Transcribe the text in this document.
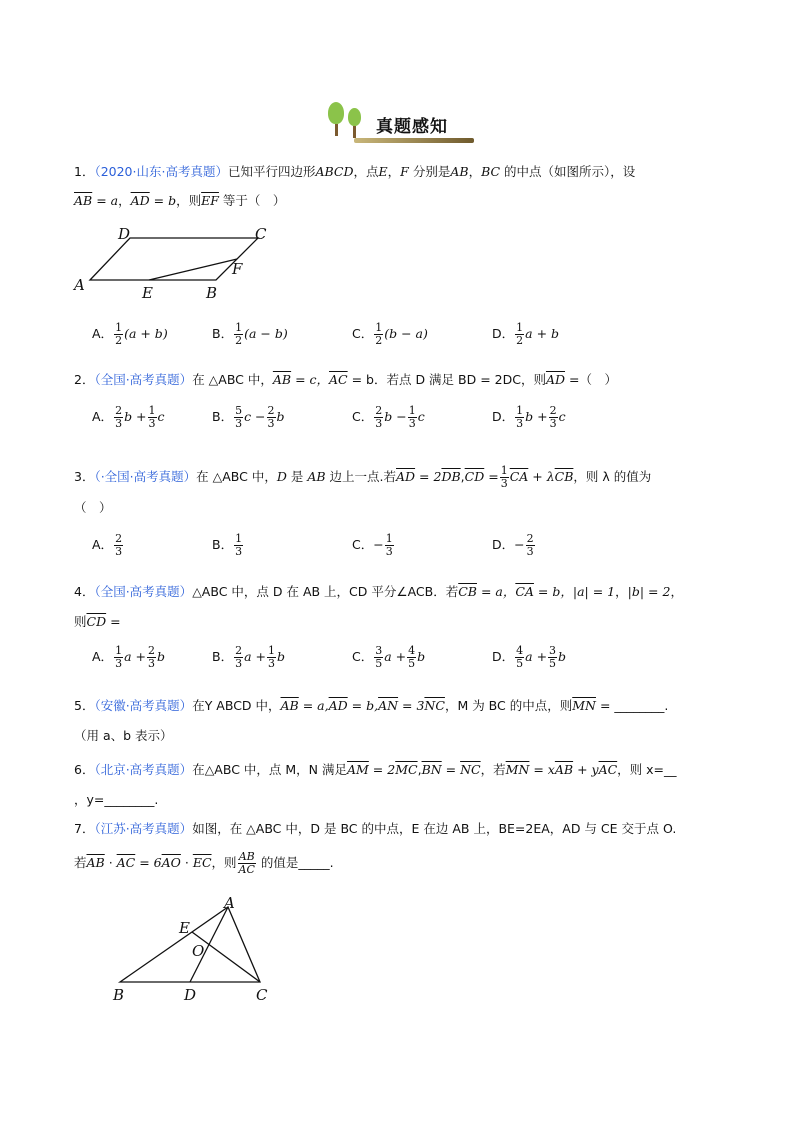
真题感知
1．（2020·山东·高考真题）已知平行四边形ABCD，点E，F 分别是AB，BC 的中点（如图所示），设
$\overline{AB} = a$，$\overline{AD} = b$，则$\overline{EF}$ 等于（　）
D	C
A	E	B
F
A． $\frac{1}{2} (a + b)$	B． $\frac{1}{2} (a - b)$	C． $\frac{1}{2} (b - a)$	D． $\frac{1}{2}$ a + b
2．（全国·高考真题）在 △ABC 中，$\overline{AB} = c$，$\overline{AC} = b$．若点 D 满足 BD = 2DC，则$\overline{AD}$ =（　）
A． $\frac{2}{3}$ $b + \frac{1}{3}$ c	B． $\frac{5}{3}$ $c - \frac{2}{3}$ b	C． $\frac{2}{3}$ $b - \frac{1}{3}$ c	D． $\frac{1}{3}$ $b + \frac{2}{3}$ c
3．（·全国·高考真题）在 △ABC 中，D 是 AB 边上一点.若$\overline{AD} = 2\overline{DB},\overline{CD} = \frac{1}{3} \overline{CA} + \lambda\overline{CB}$，则 λ 的值为
（　）
A． $\frac{2}{3}$	B． $\frac{1}{3}$	C．− $\frac{1}{3}$	D．− $\frac{2}{3}$
4．（全国·高考真题）△ABC 中，点 D 在 AB 上，CD 平分∠ACB．若$\overline{CB} = a$，$\overline{CA} = b$，|a| = 1，|b| = 2，
则$\overline{CD}$ =
A． $\frac{1}{3}$ $a + \frac{2}{3}$ b	B． $\frac{2}{3}$ $a + \frac{1}{3}$ b	C． $\frac{3}{5}$ $a + \frac{4}{5}$ b	D． $\frac{4}{5}$ $a + \frac{3}{5}$ b
5．（安徽·高考真题）在Y ABCD 中，$\overline{AB} = a,\overline{AD} = b,\overline{AN} = 3\overline{NC}$，M 为 BC 的中点，则$\overline{MN}$ = ________.
（用 a、b 表示）
6．（北京·高考真题）在△ABC 中，点 M，N 满足$\overline{AM} = 2\overline{MC},\overline{BN} = \overline{NC}$，若$\overline{MN} = x\overline{AB} + y\overline{AC}$，则 x=__
，y=________.
7．（江苏·高考真题）如图，在 △ABC 中，D 是 BC 的中点，E 在边 AB 上，BE=2EA，AD 与 CE 交于点 O.
若$\overline{AB} \cdot \overline{AC} = 6\overline{AO} \cdot \overline{EC}$，则 $\frac{AB}{AC}$ 的值是_____.
A
E
O
B	D	C
